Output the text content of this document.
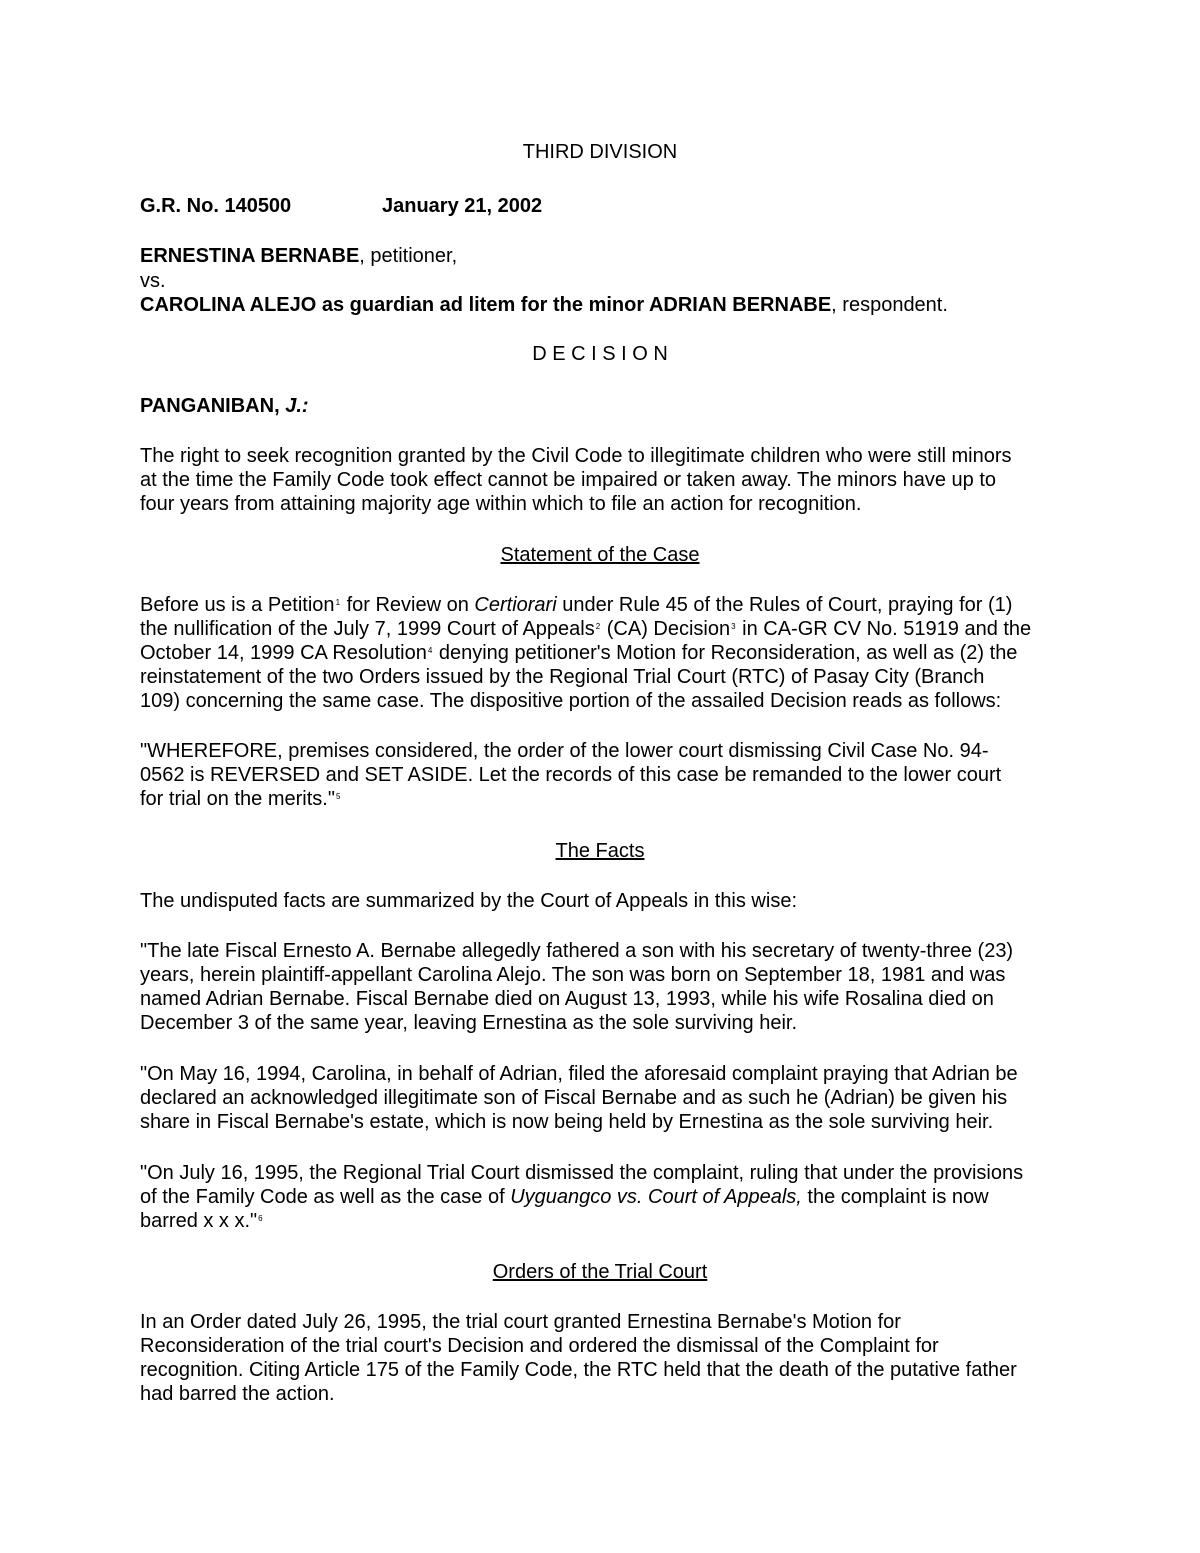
THIRD DIVISION
G.R. No. 140500	January 21, 2002
ERNESTINA BERNABE, petitioner,
vs.
CAROLINA ALEJO as guardian ad litem for the minor ADRIAN BERNABE, respondent.
D E C I S I O N
PANGANIBAN, J.:
The right to seek recognition granted by the Civil Code to illegitimate children who were still minors
at the time the Family Code took effect cannot be impaired or taken away. The minors have up to
four years from attaining majority age within which to file an action for recognition.
Statement of the Case
Before us is a Petition$^1$ for Review on Certiorari under Rule 45 of the Rules of Court, praying for (1)
the nullification of the July 7, 1999 Court of Appeals$^2$ (CA) Decision$^3$ in CA-GR CV No. 51919 and the
October 14, 1999 CA Resolution$^4$ denying petitioner's Motion for Reconsideration, as well as (2) the
reinstatement of the two Orders issued by the Regional Trial Court (RTC) of Pasay City (Branch
109) concerning the same case. The dispositive portion of the assailed Decision reads as follows:
"WHEREFORE, premises considered, the order of the lower court dismissing Civil Case No. 94-
0562 is REVERSED and SET ASIDE. Let the records of this case be remanded to the lower court
for trial on the merits."$^5$
The Facts
The undisputed facts are summarized by the Court of Appeals in this wise:
"The late Fiscal Ernesto A. Bernabe allegedly fathered a son with his secretary of twenty-three (23)
years, herein plaintiff-appellant Carolina Alejo. The son was born on September 18, 1981 and was
named Adrian Bernabe. Fiscal Bernabe died on August 13, 1993, while his wife Rosalina died on
December 3 of the same year, leaving Ernestina as the sole surviving heir.
"On May 16, 1994, Carolina, in behalf of Adrian, filed the aforesaid complaint praying that Adrian be
declared an acknowledged illegitimate son of Fiscal Bernabe and as such he (Adrian) be given his
share in Fiscal Bernabe's estate, which is now being held by Ernestina as the sole surviving heir.
"On July 16, 1995, the Regional Trial Court dismissed the complaint, ruling that under the provisions
of the Family Code as well as the case of Uyguangco vs. Court of Appeals, the complaint is now
barred x x x."$^6$
Orders of the Trial Court
In an Order dated July 26, 1995, the trial court granted Ernestina Bernabe's Motion for
Reconsideration of the trial court's Decision and ordered the dismissal of the Complaint for
recognition. Citing Article 175 of the Family Code, the RTC held that the death of the putative father
had barred the action.
